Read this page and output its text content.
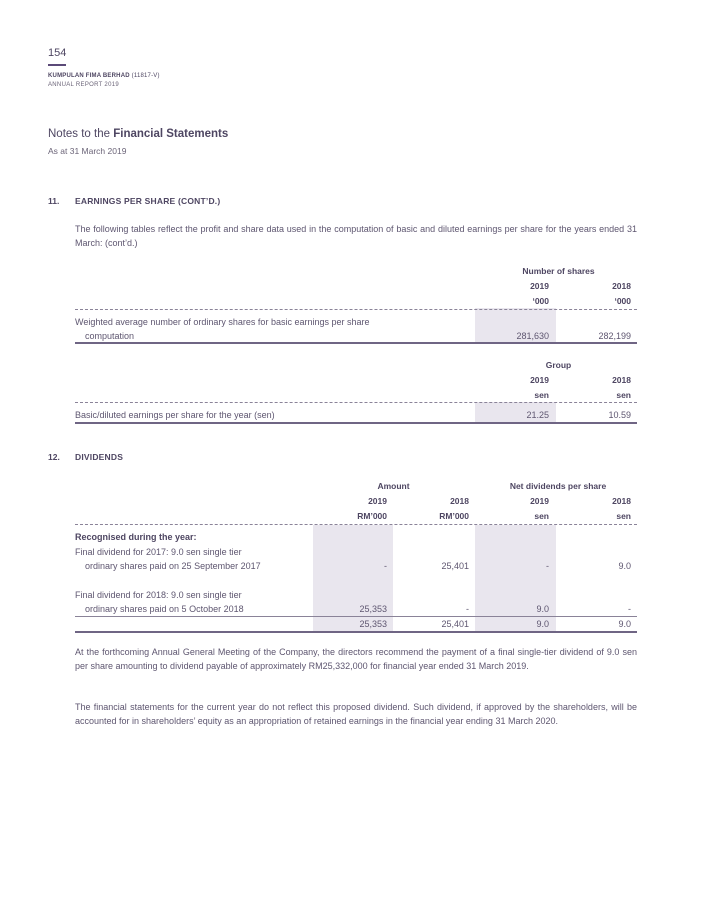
154
KUMPULAN FIMA BERHAD (11817-V)
ANNUAL REPORT 2019
Notes to the Financial Statements
As at 31 March 2019
11. EARNINGS PER SHARE (CONT’D.)
The following tables reflect the profit and share data used in the computation of basic and diluted earnings per share for the years ended 31 March: (cont’d.)
Number of shares
2019	2018
‘000	‘000
Weighted average number of ordinary shares for basic earnings per share
computation	281,630	282,199
Group
2019	2018
sen	sen
Basic/diluted earnings per share for the year (sen)	21.25	10.59
12. DIVIDENDS
Amount	Net dividends per share
2019	2018	2019	2018
RM’000	RM’000	sen	sen
Recognised during the year:
Final dividend for 2017: 9.0 sen single tier
ordinary shares paid on 25 September 2017	-	25,401	-	9.0
Final dividend for 2018: 9.0 sen single tier
ordinary shares paid on 5 October 2018	25,353	-	9.0	-
25,353	25,401	9.0	9.0
At the forthcoming Annual General Meeting of the Company, the directors recommend the payment of a final single-tier dividend of 9.0 sen per share amounting to dividend payable of approximately RM25,332,000 for financial year ended 31 March 2019.
The financial statements for the current year do not reflect this proposed dividend. Such dividend, if approved by the shareholders, will be accounted for in shareholders’ equity as an appropriation of retained earnings in the financial year ending 31 March 2020.
